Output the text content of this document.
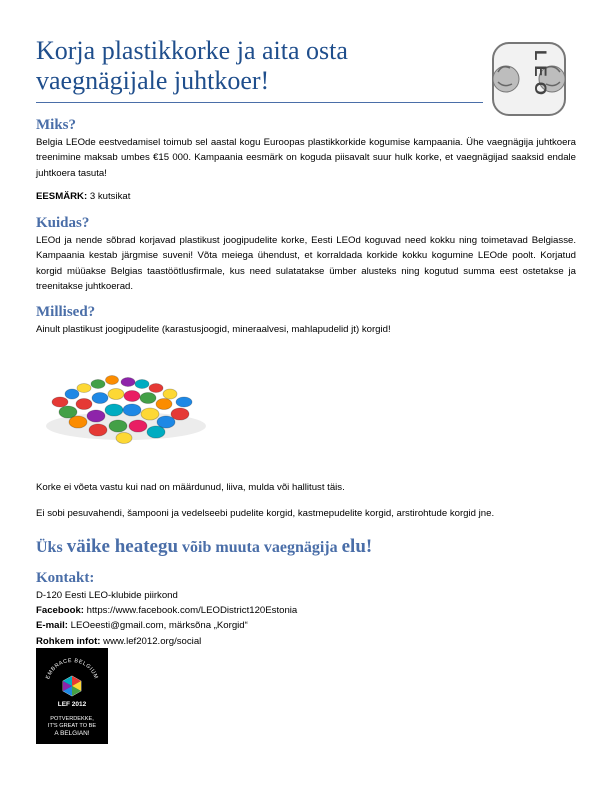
Korja plastikkorke ja aita osta vaegnägijale juhtkoer!	LEO
Miks?
Belgia LEOde eestvedamisel toimub sel aastal kogu Euroopas plastikkorkide kogumise kampaania. Ühe vaegnägija juhtkoera treenimine maksab umbes €15 000. Kampaania eesmärk on koguda piisavalt suur hulk korke, et vaegnägijad saaksid endale juhtkoera tasuta!
EESMÄRK: 3 kutsikat
Kuidas?
LEOd ja nende sõbrad korjavad plastikust joogipudelite korke, Eesti LEOd koguvad need kokku ning toimetavad Belgiasse. Kampaania kestab järgmise suveni! Võta meiega ühendust, et korraldada korkide kokku kogumine LEOde poolt. Korjatud korgid müüakse Belgias taastöötlusfirmale, kus need sulatatakse ümber alusteks ning kogutud summa eest ostetakse ja treenitakse juhtkoerad.
Millised?
Ainult plastikust joogipudelite (karastusjoogid, mineraalvesi, mahlapudelid jt) korgid!
Korke ei võeta vastu kui nad on määrdunud, liiva, mulda või hallitust täis.
Ei sobi pesuvahendi, šampooni ja vedelseebi pudelite korgid, kastmepudelite korgid, arstirohtude korgid jne.
Üks väike heategu võib muuta vaegnägija elu!
Kontakt:
D-120 Eesti LEO-klubide piirkond
Facebook: https://www.facebook.com/LEODistrict120Estonia
E-mail: LEOeesti@gmail.com, märksõna „Korgid“
Rohkem infot: www.lef2012.org/social
EMBRACE BELGIUM
LEF 2012
POTVERDEKKE,
IT'S GREAT TO BE
A BELGIAN!
